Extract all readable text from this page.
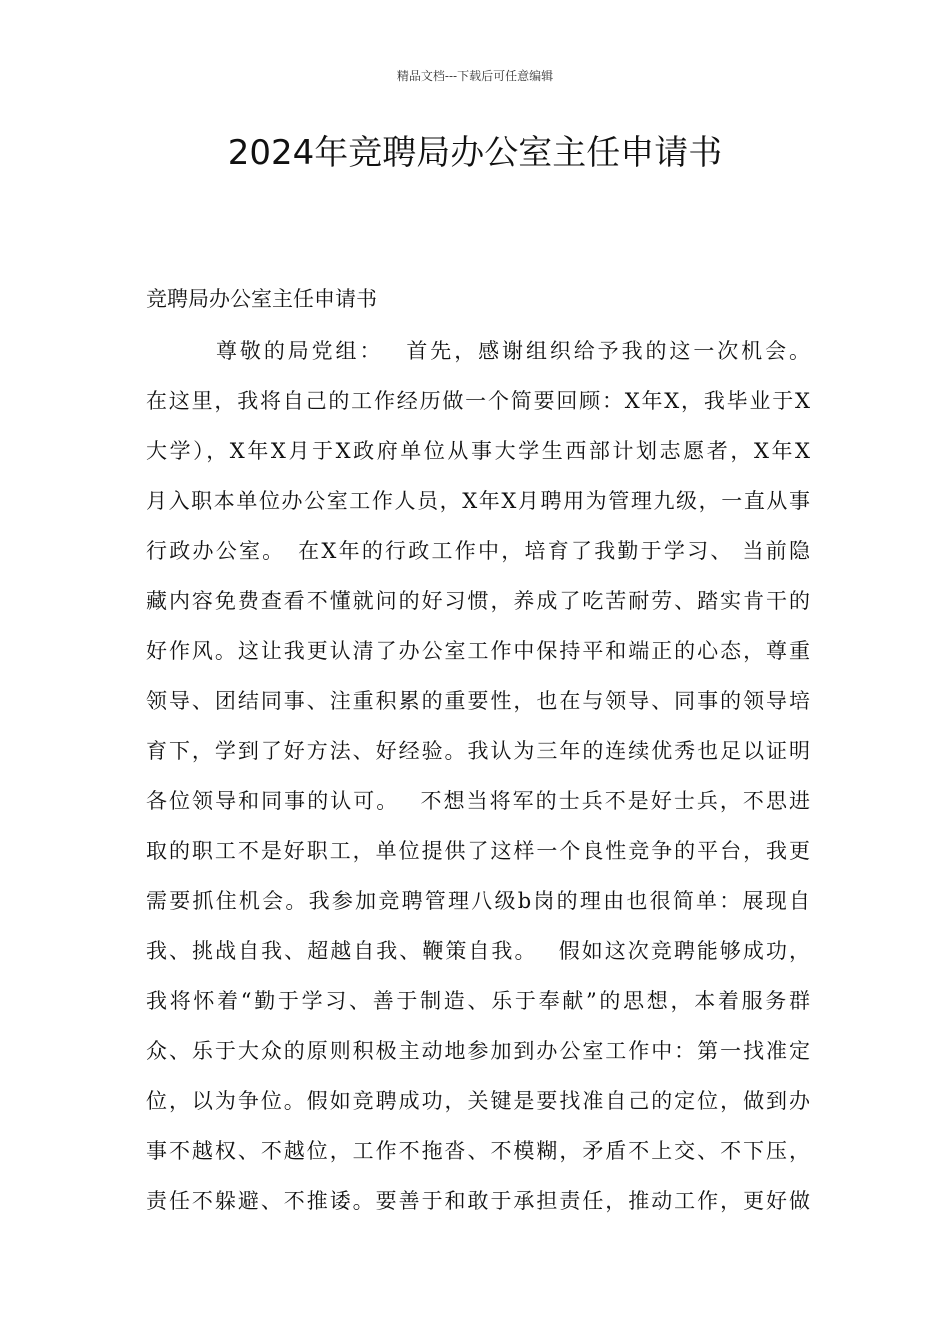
精品文档---下载后可任意编辑
2024年竞聘局办公室主任申请书
竞聘局办公室主任申请书
尊敬的局党组：　 首先，感谢组织给予我的这一次机会。
在这里，我将自己的工作经历做一个简要回顾：X年X，我毕业于X
大学），X年X月于X政府单位从事大学生西部计划志愿者，X年X
月入职本单位办公室工作人员，X年X月聘用为管理九级，一直从事
行政办公室。　在X年的行政工作中，培育了我勤于学习、 当前隐
藏内容免费查看不懂就问的好习惯，养成了吃苦耐劳、踏实肯干的
好作风。这让我更认清了办公室工作中保持平和端正的心态，尊重
领导、团结同事、注重积累的重要性，也在与领导、同事的领导培
育下，学到了好方法、好经验。我认为三年的连续优秀也足以证明
各位领导和同事的认可。　 不想当将军的士兵不是好士兵，不思进
取的职工不是好职工，单位提供了这样一个良性竞争的平台，我更
需要抓住机会。我参加竞聘管理八级b岗的理由也很简单：展现自
我、挑战自我、超越自我、鞭策自我。　 假如这次竞聘能够成功，
我将怀着“勤于学习、善于制造、乐于奉献”的思想，本着服务群
众、乐于大众的原则积极主动地参加到办公室工作中：第一找准定
位，以为争位。假如竞聘成功，关键是要找准自己的定位，做到办
事不越权、不越位，工作不拖沓、不模糊，矛盾不上交、不下压，
责任不躲避、不推诿。要善于和敢于承担责任，推动工作，更好做
